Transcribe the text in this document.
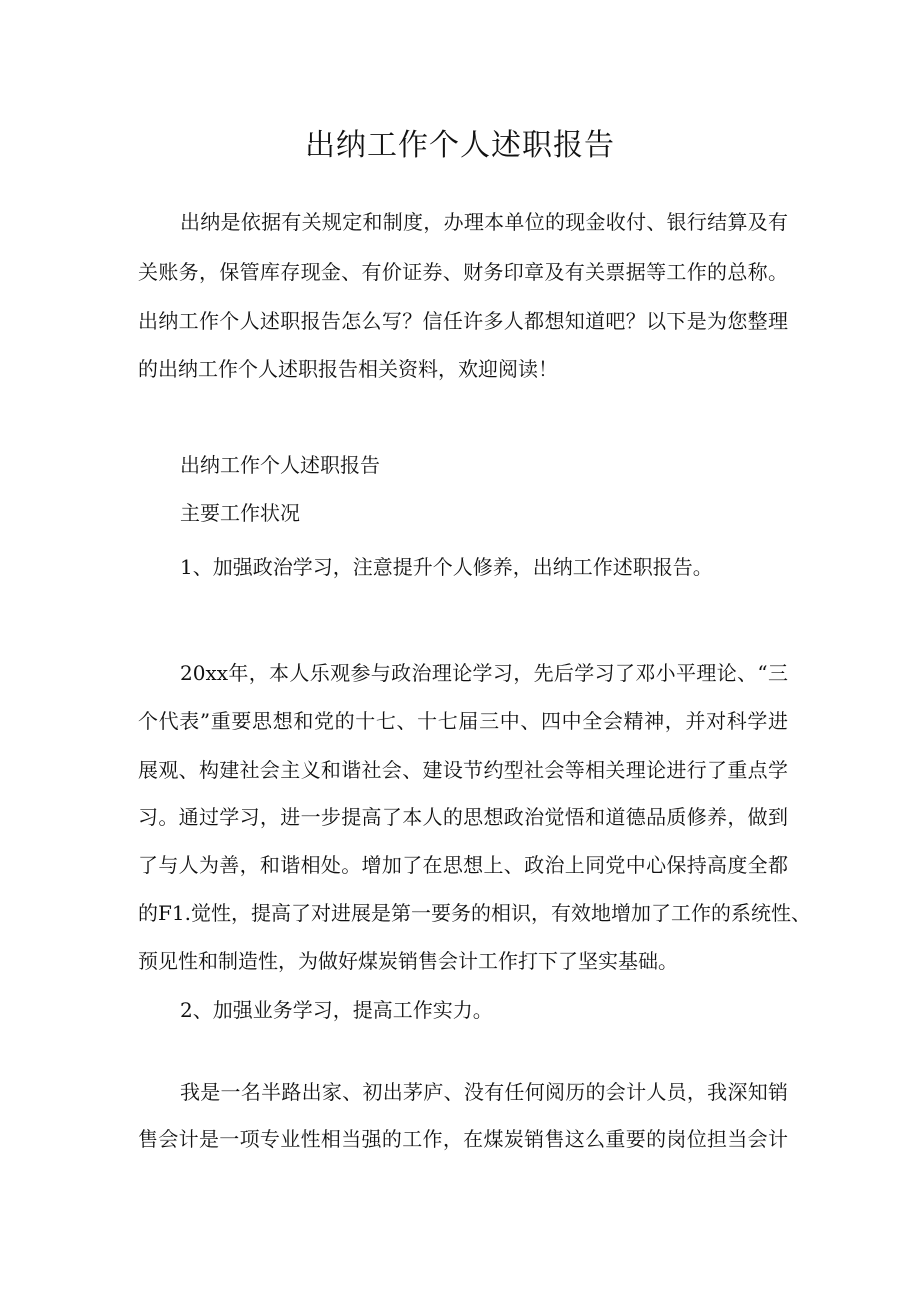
出纳工作个人述职报告

出纳是依据有关规定和制度，办理本单位的现金收付、银行结算及有

关账务，保管库存现金、有价证券、财务印章及有关票据等工作的总称。

出纳工作个人述职报告怎么写？信任许多人都想知道吧？以下是为您整理

的出纳工作个人述职报告相关资料，欢迎阅读！

出纳工作个人述职报告

主要工作状况

1、加强政治学习，注意提升个人修养，出纳工作述职报告。

20xx年，本人乐观参与政治理论学习，先后学习了邓小平理论、“三

个代表”重要思想和党的十七、十七届三中、四中全会精神，并对科学进

展观、构建社会主义和谐社会、建设节约型社会等相关理论进行了重点学

习。通过学习，进一步提高了本人的思想政治觉悟和道德品质修养，做到

了与人为善，和谐相处。增加了在思想上、政治上同党中心保持高度全都

的F1.觉性，提高了对进展是第一要务的相识，有效地增加了工作的系统性、

预见性和制造性，为做好煤炭销售会计工作打下了坚实基础。

2、加强业务学习，提高工作实力。

我是一名半路出家、初出茅庐、没有任何阅历的会计人员，我深知销

售会计是一项专业性相当强的工作，在煤炭销售这么重要的岗位担当会计
